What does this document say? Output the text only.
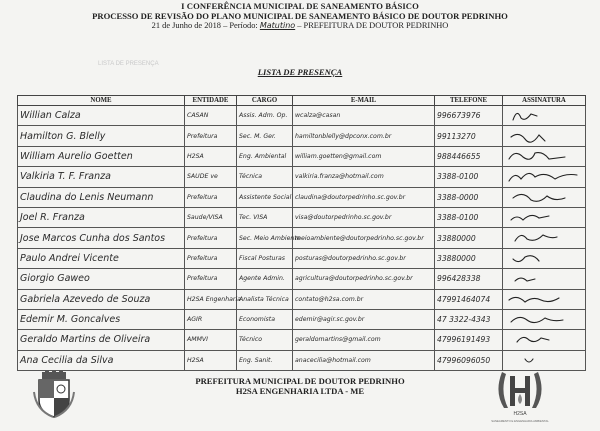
I CONFERÊNCIA MUNICIPAL DE SANEAMENTO BÁSICO
PROCESSO DE REVISÃO DO PLANO MUNICIPAL DE SANEAMENTO BÁSICO DE DOUTOR PEDRINHO
21 de Junho de 2018 – Período: Matutino – PREFEITURA DE DOUTOR PEDRINHO
LISTA DE PRESENÇA
LISTA DE PRESENÇA
NOME	ENTIDADE	CARGO	E-MAIL	TELEFONE	ASSINATURA
Willian Calza	CASAN	Assis. Adm. Op.	wcalza@casan	996673976	

Hamilton G. Blelly	Prefeitura	Sec. M. Ger.	hamiltonblelly@dpconx.com.br	99113270	

William Aurelio Goetten	H2SA	Eng. Ambiental	william.goetten@gmail.com	988446655	

Valkiria T. F. Franza	SAUDE ve	Técnica	valkiria.franza@hotmail.com	3388-0100	

Claudina do Lenis Neumann	Prefeitura	Assistente Social	claudina@doutorpedrinho.sc.gov.br	3388-0000	

Joel R. Franza	Saude/VISA	Tec. VISA	visa@doutorpedrinho.sc.gov.br	3388-0100	

Jose Marcos Cunha dos Santos	Prefeitura	Sec. Meio Ambiente	meioambiente@doutorpedrinho.sc.gov.br	33880000	

Paulo Andrei Vicente	Prefeitura	Fiscal Posturas	posturas@doutorpedrinho.sc.gov.br	33880000	

Giorgio Gaweo	Prefeitura	Agente Admin.	agricultura@doutorpedrinho.sc.gov.br	996428338	

Gabriela Azevedo de Souza	H2SA Engenharia	Analista Técnica	contato@h2sa.com.br	47991464074	

Edemir M. Goncalves	AGIR	Economista	edemir@agir.sc.gov.br	47 3322-4343	

Geraldo Martins de Oliveira	AMMVI	Técnico	geraldomartins@gmail.com	47996191493	

Ana Cecilia da Silva	H2SA	Eng. Sanit.	anacecilia@hotmail.com	47996096050	
PREFEITURA MUNICIPAL DE DOUTOR PEDRINHO
H2SA ENGENHARIA LTDA - ME
H2SA
SANEAMENTO E ENGENHARIA AMBIENTAL
